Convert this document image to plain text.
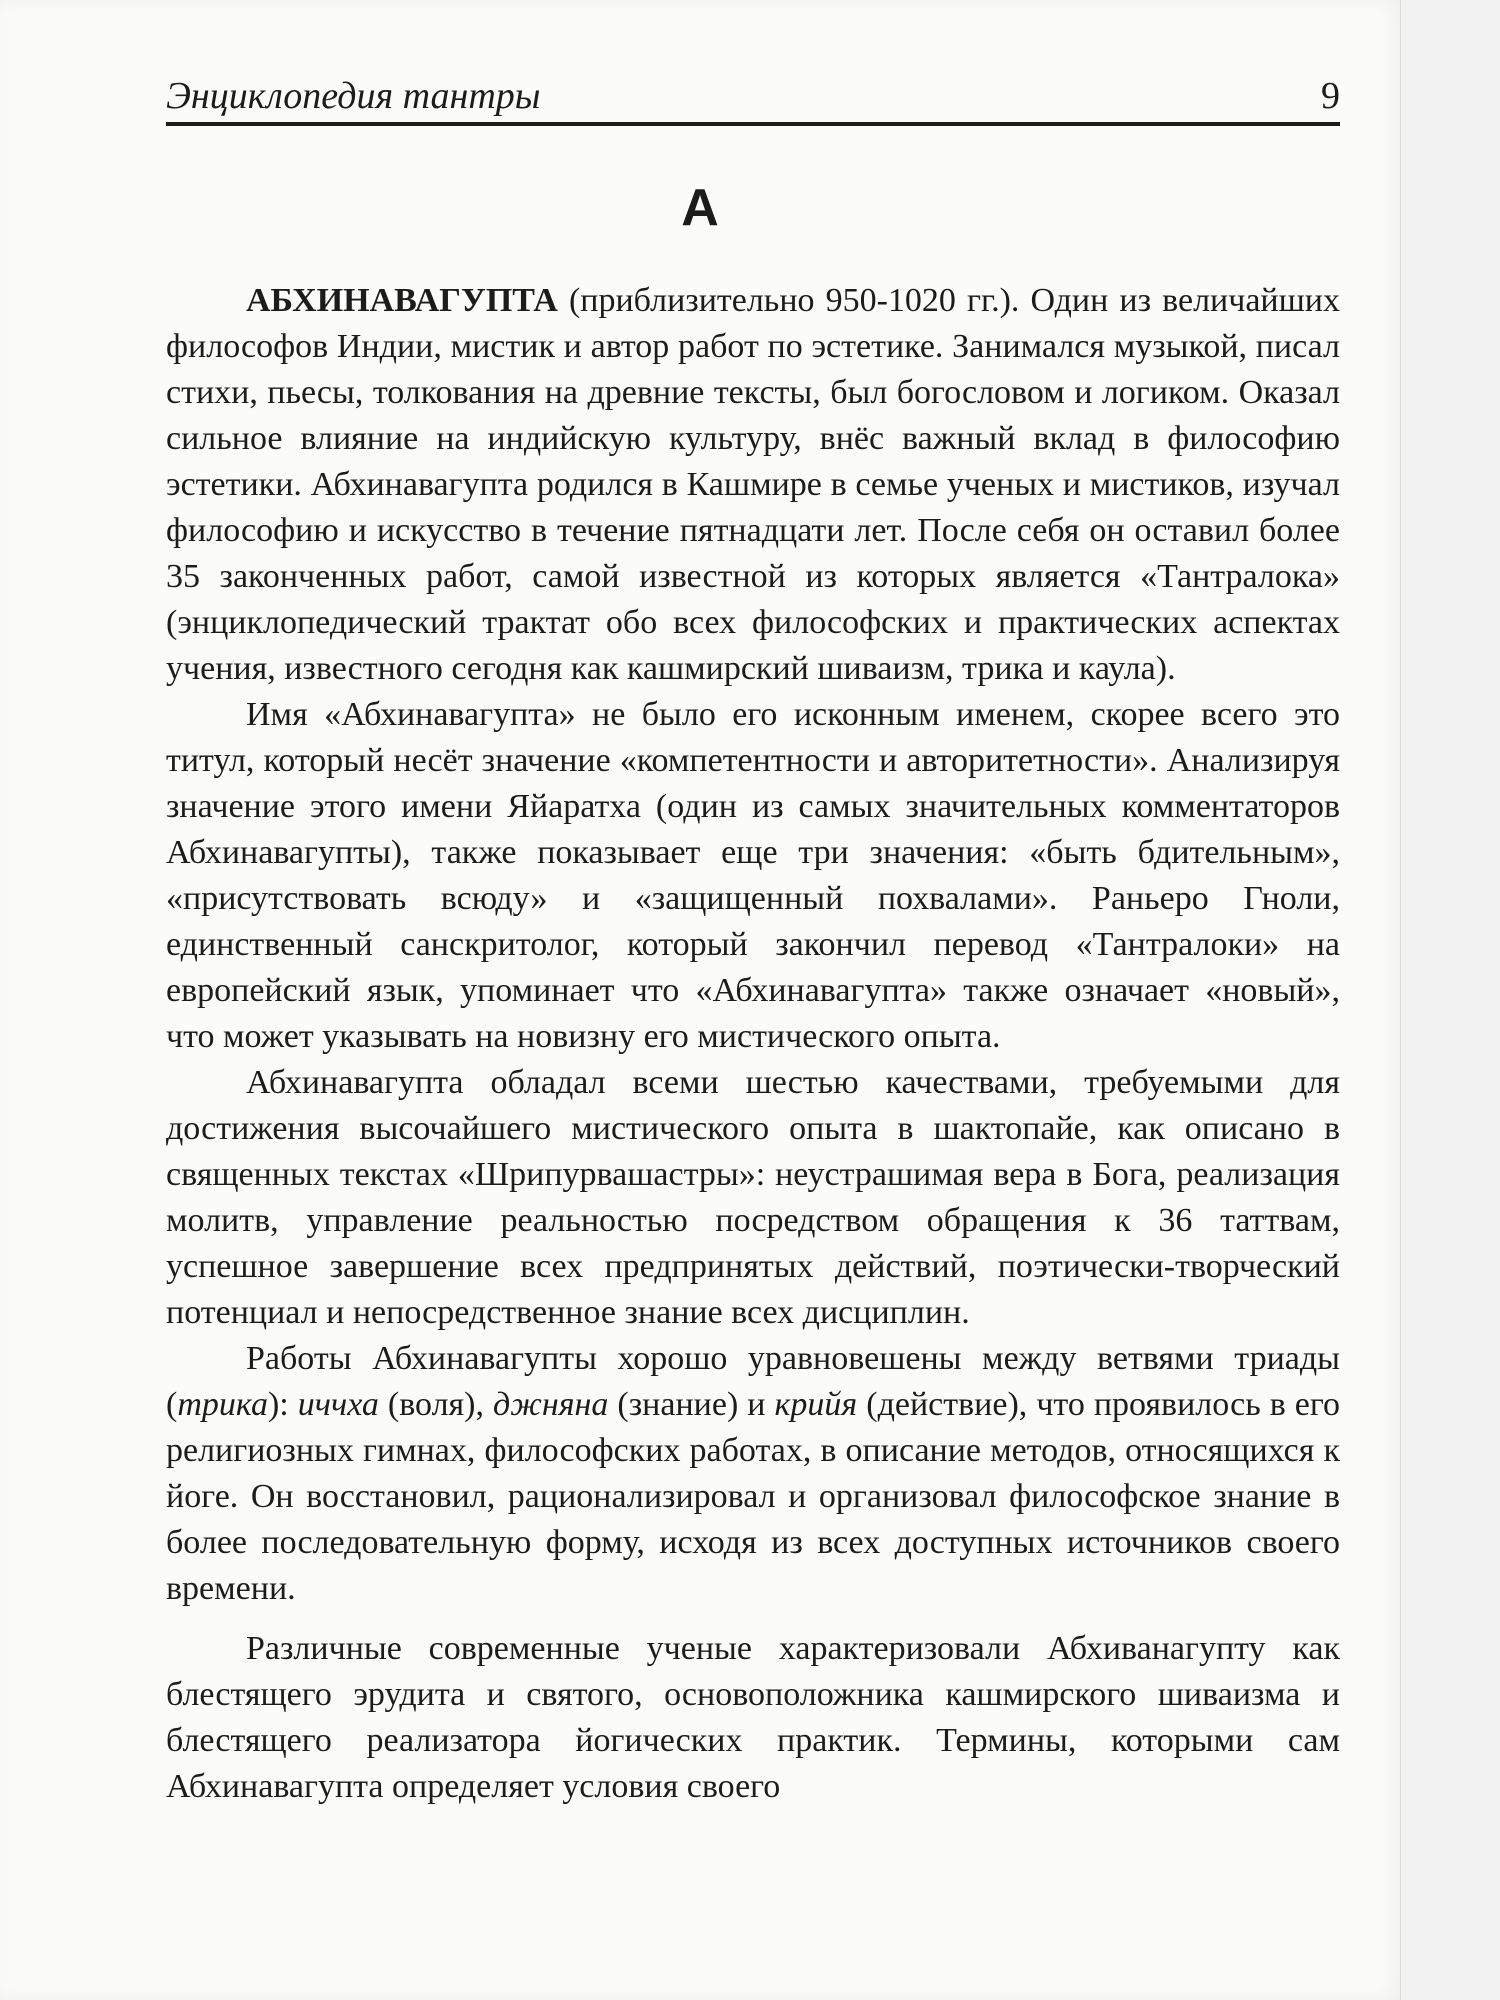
Энциклопедия тантры	9
А

АБХИНАВАГУПТА (приблизительно 950-1020 гг.). Один из величайших философов Индии, мистик и автор работ по эстетике. Занимался музыкой, писал стихи, пьесы, толкования на древние тексты, был богословом и логиком. Оказал сильное влияние на индийскую культуру, внёс важный вклад в философию эстетики. Абхинавагупта родился в Кашмире в семье ученых и мистиков, изучал философию и искусство в течение пятнадцати лет. После себя он оставил более 35 законченных работ, самой известной из которых является «Тантралока» (энциклопедический трактат обо всех философских и практических аспектах учения, известного сегодня как кашмирский шиваизм, трика и каула).

Имя «Абхинавагупта» не было его исконным именем, скорее всего это титул, который несёт значение «компетентности и авторитетности». Анализируя значение этого имени Яйаратха (один из самых значительных комментаторов Абхинавагупты), также показывает еще три значения: «быть бдительным», «присутствовать всюду» и «защищенный похвалами». Раньеро Гноли, единственный санскритолог, который закончил перевод «Тантралоки» на европейский язык, упоминает что «Абхинавагупта» также означает «новый», что может указывать на новизну его мистического опыта.

Абхинавагупта обладал всеми шестью качествами, требуемыми для достижения высочайшего мистического опыта в шактопайе, как описано в священных текстах «Шрипурвашастры»: неустрашимая вера в Бога, реализация молитв, управление реальностью посредством обращения к 36 таттвам, успешное завершение всех предпринятых действий, поэтически-творческий потенциал и непосредственное знание всех дисциплин.

Работы Абхинавагупты хорошо уравновешены между ветвями триады (трика): иччха (воля), джняна (знание) и крийя (действие), что проявилось в его религиозных гимнах, философских работах, в описание методов, относящихся к йоге. Он восстановил, рационализировал и организовал философское знание в более последовательную форму, исходя из всех доступных источников своего времени.

Различные современные ученые характеризовали Абхиванагупту как блестящего эрудита и святого, основоположника кашмирского шиваизма и блестящего реализатора йогических практик. Термины, которыми сам Абхинавагупта определяет условия своего
